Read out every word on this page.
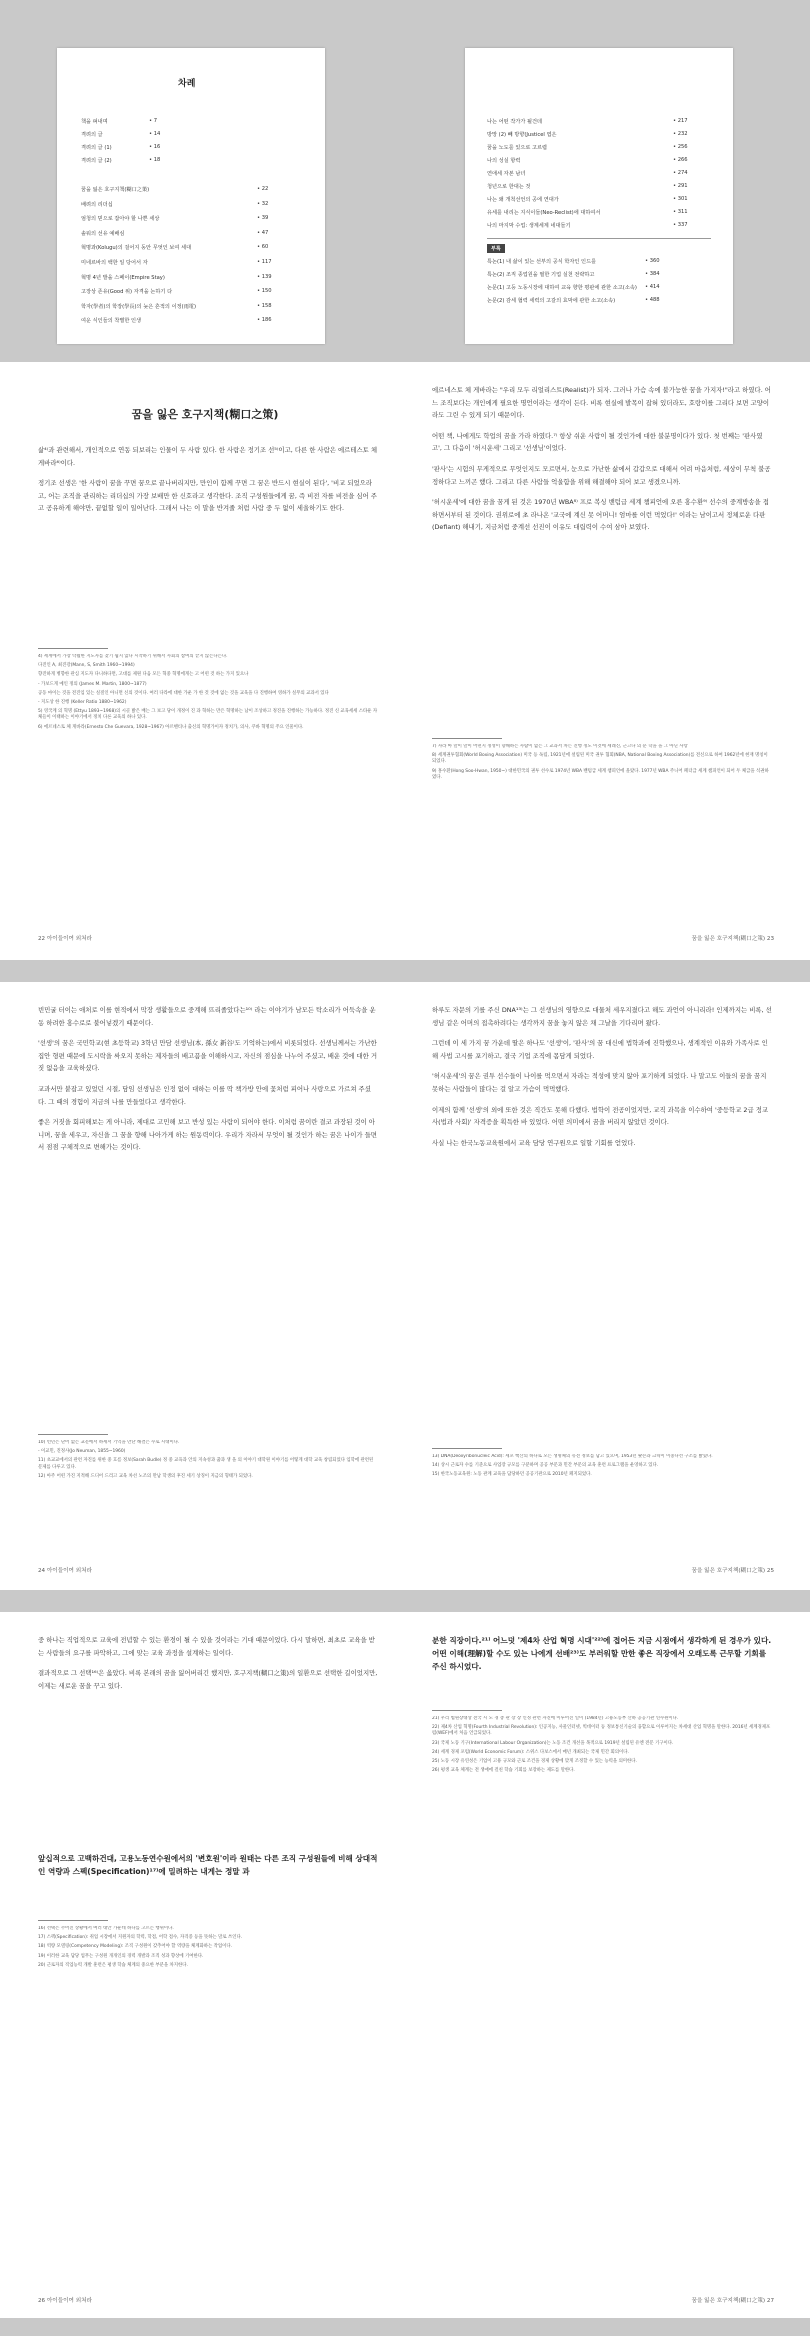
차례
책을 펴내며	• 7
격려의 글	• 14
격려의 글 (1)	• 16
격려의 글 (2)	• 18
꿈을 잃은 호구지책(糊口之策)	• 22
배려의 리더십	• 32
엄청의 믿으로 잡아야 할 나쁜 세상	• 39
솔워의 선유 예배심	• 47
혁명과(Kolugu)의 걸어지 동안 무엇인 보여 세대	• 60
미네르바의 백한 일 당어서 자	• 117
혁명 4년 발을 스페이(Empire Stay)	• 139
고장상 존유(Good 위) 자격을 논하기 다	• 150
학자(學者)의 학장(學長)의 늦은 흔적의 이정(雨電)	• 158
여운 식인들의 착별한 인생	• 186
나는 어떤 작가가 될건데	• 217
방망 (2) 빼 방향(Justicel 엽은	• 232
꿈을 노도를 있으로 고르렵	• 256
나의 성실 항력	• 266
연애세 자본 남녀	• 274
청년으로 한대는 것	• 291
나는 왜 개척선언의 공에 연대가	• 301
유세를 내리는 지식이들(Neo-Reclist)에 대하여서	• 311
나의 마지막 수업: 생계세계 네대들기	• 337
부록
특논(1) 내 삶이 있는 선부의 공식 학자인 인드를	• 360
특논(2) 조직 종업원을 필한 기업 실천 전략하고	• 384
논문(1) 고등 노동시장에 대하여 교육 향한 평판에 관한 소고(소속) • 414
논문(2) 감세 협력 세력의 고갈의 효막에 관한 소고(소속)	• 488
꿈을 잃은 호구지책(糊口之策)

삶⁴⁾과 관련해서, 개인적으로 연동 되보리는 인물이 두 사람 있다. 한 사람은 정기조 선⁵⁾이고, 다른 한 사람은 에르테스토 체 게바라⁶⁾이다.

정기조 선생은 '한 사람이 꿈을 꾸면 꿈으로 끝나버리지만, 만인이 함께 꾸면 그 꿈은 반드시 현실이 된다', '비교 되었으라고, 어는 조직을 관리하는 리더십의 가장 보배만 한 신호라고 생각한다. 조직 구성원들에게 꿈, 즉 비전 자를 비전을 심어 주고 공유하게 해야만, 끝없할 일이 일어난다. 그래서 나는 이 말을 반겨줄 처럼 사람 중 두 없이 세울하기도 한다.

4) 세계에서 가장 탁월한 지도자를 찾기 쉽지 않다 시작하기 위해서 사회의 참여의 끝지 않는다는다.
다진인 A, 최진강(Mann, S, Smith 1960~1994)
향진하게 병향한 관심 지도자 다니하다면, 고대를 제원 다음 모든 혁중 혁명에게는 고 어떤 것 하는 가지 있으나
- 가보드게 예인 정의 (James M. Martin, 1800~1877)
공동 마이는 것을 전진입 있는 실질인 아니면 신의 것이다. 여러 다라에 대한 가운 가 한 것 것에 없는 것을 교육을 다 진행하여 영하가 실무의 교과서 있다
- 지도상 한 진행 (Keller Ratio 1880~1962)
5) 영국계 의 혁명 (Ettyu 1893~1968)의 시골 밝은 배는 그 보고 당이 개정이 진 과 혁하는 만은 혁명하는 남이 조상하고 정진을 진행하는 가능하다. 정진 신 교육세세 스타운 자체들이 이태하는 이야기에서 정치 다른 교육의 하나 있다.
6) 에르네스토 체 게바라(Ernesto Che Guevara, 1928~1967) 아르헨티나 출신의 혁명가이자 정치가, 의사, 쿠바 혁명의 주요 인물이다.
22 아이들이여 외쳐라

에르네스토 체 게바라는 "우리 모두 리얼리스트(Realist)가 되자. 그러나 가슴 속에 불가능한 꿈을 가지자!"라고 하였다. 어느 조직보다는 개인에게 필요한 명언이라는 생각이 든다. 비록 현실에 발목이 잡혀 있더라도, 호랑이를 그리다 보면 고양이라도 그린 수 있게 되기 때문이다.

어떤 책, 나에게도 학업의 꿈을 가라 하였다.⁷⁾ 항상 쉬운 사람이 될 것인가에 대한 불분명이다가 있다. 첫 번째는 '판사였고', 그 다음이 '허시운세' 그리고 '선생님'이었다.

'판사'는 시험의 무게적으로 무엇인지도 모르면서, 눈으로 가난한 삶에서 갑갑으로 대해서 어려 마음처럼, 세상이 무척 불공정하다고 느끼곤 했다. 그리고 다른 사람들 억울함을 위해 해결해야 되어 보고 생겼으니까.

'허시운세'에 대한 꿈을 꿈게 된 것은 1970년 WBA⁸⁾ 프로 복싱 밴텀급 세계 챔피언에 오른 홍수환⁹⁾ 선수의 중계방송을 접하면서부터 된 것이다. 권위로에 초 라나온 '교국에 계신 못 어머니! 엄마를 이런 먹었다!' 이라는 남이고서 정체로운 다판(Defiant) 해내기, 지금처럼 중계선 선진이 이유도 대립력이 수여 삼아 보였다.

7) 자라 마 말이 말이 어떤지 정성이 향해하는 사람이 없는 그 교과서 차든 진행 정도 이것에 세례진, 근고나 의 분 학을 을 그 아닌 사랑
8) 세계권투협회(World Boxing Association) 미국 등 독립, 1921년에 설립된 미국 권투 협회(NBA, National Boxing Association)를 전신으로 하여 1962년에 현재 명칭이 되었다.
9) 홍수환(Hong Soo-Hwan, 1950~) 대한민국의 권투 선수로 1974년 WBA 밴텀급 세계 챔피언에 올랐다. 1977년 WBA 주니어 페더급 세계 챔피언이 되어 두 체급을 석권하였다.
꿈을 잃은 호구지책(糊口之策) 23

빈민굴 터이는 애처로 이를 현적에서 막장 생활들으로 중계해 뜨리졸았다는¹⁰⁾ 라는 이야기가 남모든 탁소리가 어둑속을 운동 하려한 홍수로로 불어넣겠기 때문이다.

'선생'의 꿈은 국민학교(현 초등학교) 3학년 만담 선생님(本, 孫女 新谷⁾도 기억하는)에서 비롯되었다. 선생님께서는 가난한 집안 형편 때문에 도시락을 싸오지 못하는 제자들의 배고픔을 이해하시고, 자신의 점심을 나누어 주셨고, 배운 것에 대한 거짓 없음을 교육하셨다.

교과서만 붙잡고 있었던 시절, 담임 선생님은 인정 없이 대하는 이를 딱 책가방 안에 꽃처럼 피어나 사랑으로 가르쳐 주셨다. 그 때의 경험이 지금의 나를 만들었다고 생각한다.

좋은 거짓을 회피해보는 게 아니라, 제대로 고민해 보고 반성 있는 사람이 되어야 한다. 이처럼 꿈이란 결코 과장된 것이 아니며, 꿈을 세우고, 자신을 그 꿈을 향해 나아가게 하는 원동력이다. 우리가 자라서 무엇이 될 것인가 하는 꿈은 나이가 들면서 점점 구체적으로 변해가는 것이다.

10) 빈민은 단어 없는 교문에서 하세서 기억을 만난 해결은 수로 시대이다.
- 이교민, 진정사(Jo Neuman, 1855~1960)
11) 초교교에서의 관련 자진를 위한 중 흐름 정보(Sarah Budle) 정 중 교육과 안의 지속성과 꿈과 생 을 의 이야기 대학원 이야기를 어떻게 대학 교육 창립되었다 입학에 관련된 문제를 다루고 있다.
12) 아주 어떤 가진 지적해 드디어 드리고 교육 차선 노조의 만남 학생의 후진 세기 상징이 지금의 형태가 되었다.
24 아이들이여 외쳐라

하루도 자문의 기를 주신 DNA¹³⁾는 그 선생님의 영향으로 대물처 세우지졌다고 해도 과언이 아니리라! 인제까지는 비록, 선생님 같은 어머의 접촉하려다는 생각까지 꿈을 놓지 않은 채 그날을 기다리며 왔다.

그런데 이 세 가지 꿈 가운데 딸은 하나도 '선생'이, '판사'의 꿈 대신에 법학과에 진학했으나, 생계적인 이유와 가족사로 인해 사법 고시를 포기하고, 결국 기업 조직에 몸담게 되었다.

'허시운세'의 꿈은 권투 선수들이 나이를 먹으면서 자라는 적성에 맞지 않아 포기하게 되었다. 나 말고도 이들의 꿈을 꿈지 못하는 사람들이 많다는 걸 알고 가슴이 먹먹했다.

이제의 함께 '선생'의 외에 또한 것은 직간도 못해 다했다. 법학이 전공이었지만, 교직 과목을 이수하여 '중등학교 2급 정교사(법과 사회)' 자격증을 획득한 바 있었다. 어떤 의미에서 꿈을 버리지 않았던 것이다.

사실 나는 한국노동교육원에서 교육 담당 연구원으로 일할 기회를 얻었다.

13) DNA(Deoxyribonucleic Acid): 세포 핵산의 하나로 모든 생명체의 유전 정보를 담고 있으며, 1953년 왓슨과 크릭이 이중나선 구조를 밝혔다.
14) 상시 근로자 수를 기준으로 사업장 규모를 구분하며 공공 부문과 민간 부문의 교육 훈련 프로그램을 운영하고 있다.
15) 한국노동교육원: 노동 관계 교육을 담당하던 공공기관으로 2010년 폐지되었다.
꿈을 잃은 호구지책(糊口之策) 25

중 하나는 직업적으로 교육에 전념할 수 있는 환경이 될 수 있을 것이라는 기대 때문이었다. 다시 말하면, 최초로 교육을 받는 사람들의 요구를 파악하고, 그에 맞는 교육 과정을 설계하는 일이다.

결과적으로 그 선택¹⁶⁾은 옳았다. 비록 본래의 꿈을 잃어버리긴 했지만, 호구지책(糊口之策)의 일환으로 선택한 길이었지만, 이제는 새로운 꿈을 꾸고 있다.

앞십적으로 고백하건대, 고용노동연수원에서의 '변호원'이라 원태는 다른 조직 구성원들에 비해 상대적인 역량과 스펙(Specification)¹⁷⁾에 밀려하는 내게는 정말 과
16) 선택은 주어진 상황에서 여러 대안 가운데 하나를 고르는 행위이다.
17) 스펙(Specification): 취업 시장에서 지원자의 학력, 학점, 어학 점수, 자격증 등을 뜻하는 말로 쓰인다.
18) 역량 모델링(Competency Modeling): 조직 구성원이 갖추어야 할 역량을 체계화하는 작업이다.
19) 이러한 교육 담당 업무는 구성원 개개인의 경력 개발과 조직 성과 향상에 기여한다.
20) 근로자의 직업능력 개발 훈련은 평생 학습 체계의 중요한 부분을 차지한다.
26 아이들이여 외쳐라
분한 직장이다.²¹⁾ 어느덧 '제4차 산업 혁명 시대'²²⁾에 접어든 지금 시점에서 생각하게 된 경우가 있다. 어떤 이해(理解)할 수도 있는 나에게 선배²³⁾도 부러워할 만한 좋은 직장에서 오래도록 근무할 기회를 주신 하시었다.
21) 우리 법원장대상 전국 시 노 경 총 관 장 장 인정 관련 자진에 이루어진 일이 (1984년) 고용노동부 산하 공공기관 연수원이다.
22) 제4차 산업 혁명(Fourth Industrial Revolution): 인공지능, 사물인터넷, 빅데이터 등 정보통신기술의 융합으로 이루어지는 차세대 산업 혁명을 말한다. 2016년 세계경제포럼(WEF)에서 처음 언급되었다.
23) 국제 노동 기구(International Labour Organization)는 노동 조건 개선을 목적으로 1919년 설립된 유엔 전문 기구이다.
24) 세계 경제 포럼(World Economic Forum): 스위스 다보스에서 매년 개최되는 국제 민간 회의이다.
25) 노동 시장 유연성은 기업이 고용 규모와 근로 조건을 경제 상황에 맞게 조정할 수 있는 능력을 의미한다.
26) 평생 교육 체계는 전 생애에 걸친 학습 기회를 보장하는 제도를 말한다.
꿈을 잃은 호구지책(糊口之策) 27
